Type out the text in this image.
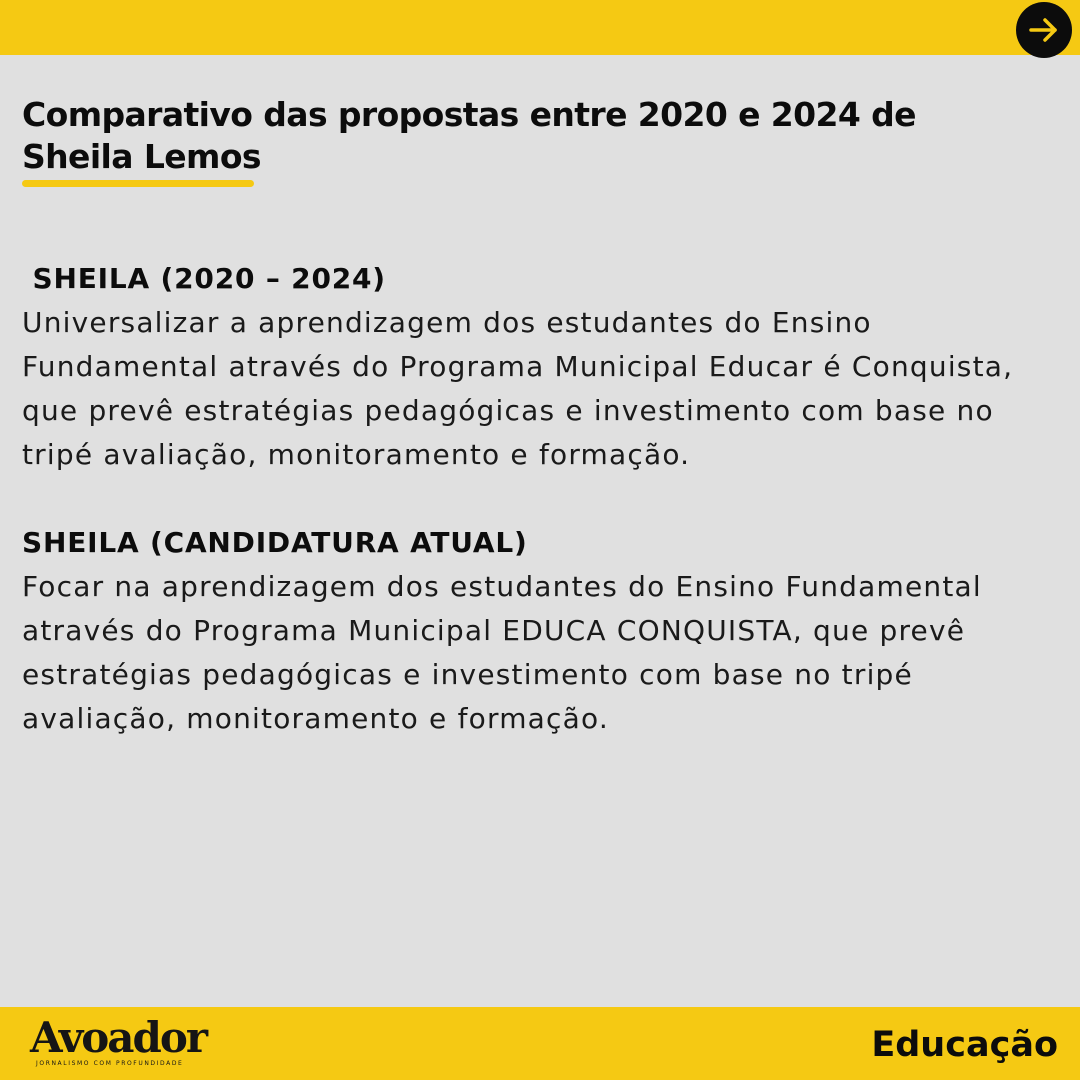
Comparativo das propostas entre 2020 e 2024 de Sheila Lemos

SHEILA (2020 – 2024)

Universalizar a aprendizagem dos estudantes do Ensino Fundamental através do Programa Municipal Educar é Conquista, que prevê estratégias pedagógicas e investimento com base no tripé avaliação, monitoramento e formação.

SHEILA (CANDIDATURA ATUAL)

Focar na aprendizagem dos estudantes do Ensino Fundamental através do Programa Municipal EDUCA CONQUISTA, que prevê estratégias pedagógicas e investimento com base no tripé avaliação, monitoramento e formação.

Avoador
JORNALISMO COM PROFUNDIDADE	Educação
